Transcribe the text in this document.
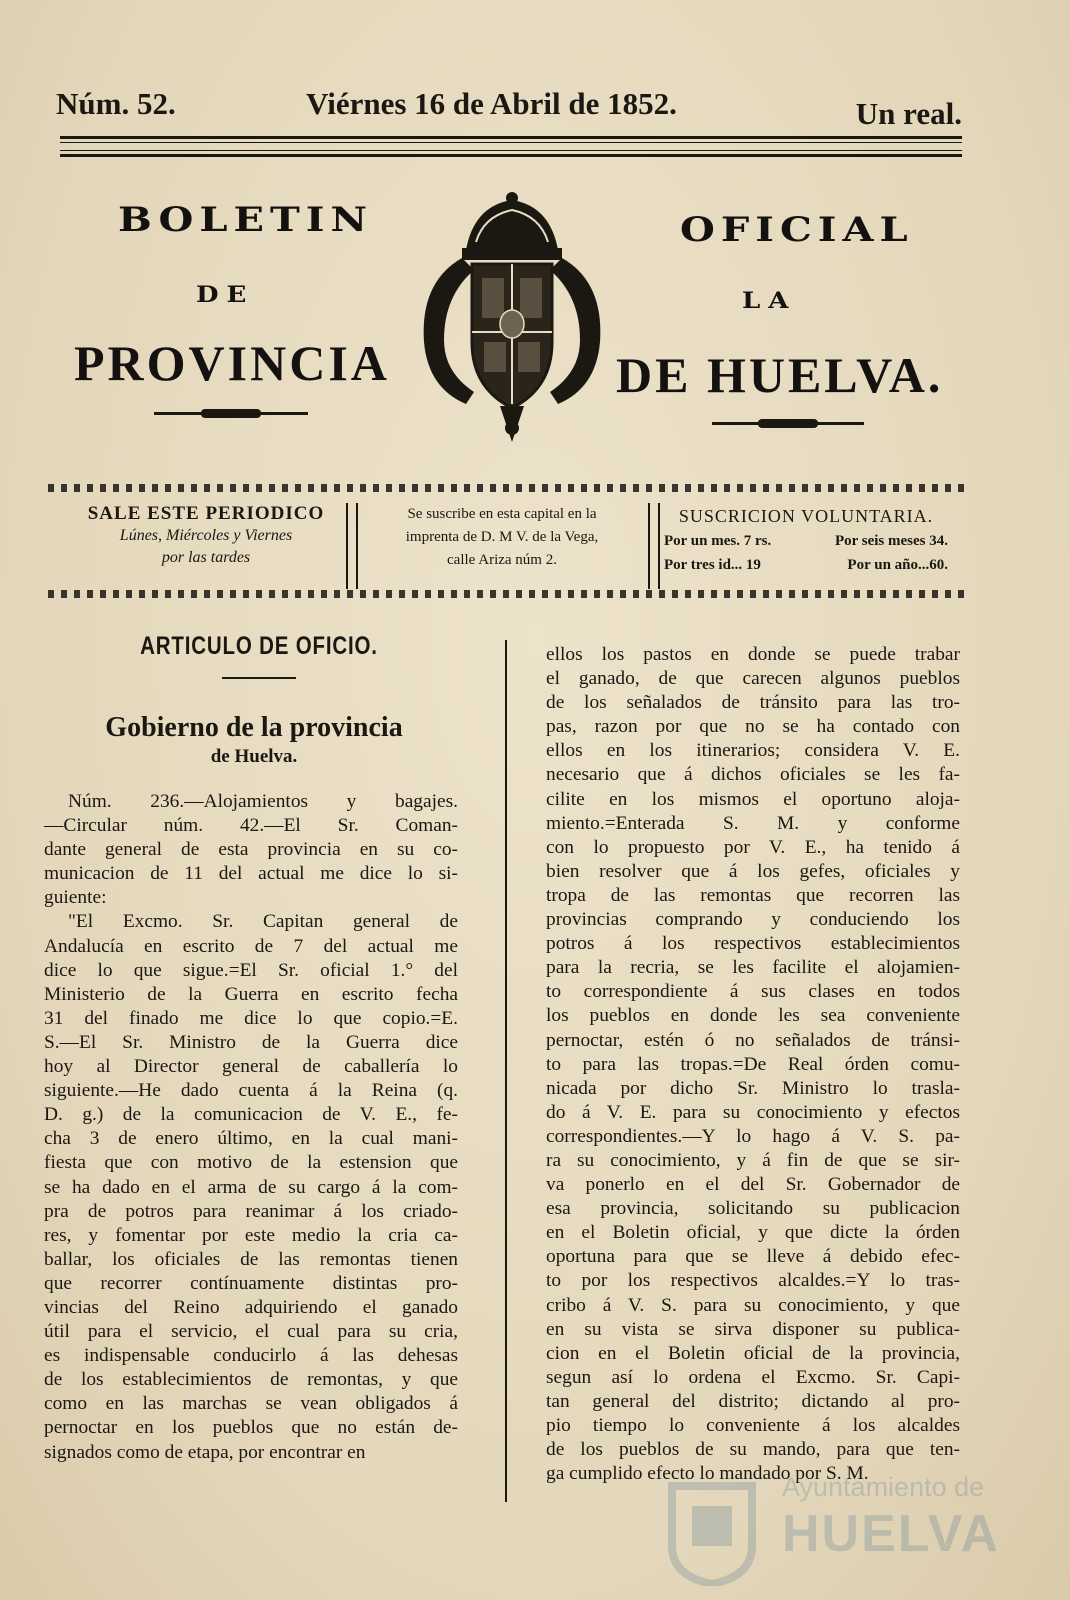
Núm. 52.	Viérnes 16 de Abril de 1852.	Un real.
BOLETIN	OFICIAL
DE	LA
PROVINCIA	DE HUELVA.
SALE ESTE PERIODICO
Lúnes, Miércoles y Viernes
por las tardes
Se suscribe en esta capital en la
imprenta de D. M V. de la Vega,
calle Ariza núm 2.
SUSCRICION VOLUNTARIA.
Por un mes. 7 rs.	Por seis meses 34.
Por tres id... 19	Por un año...60.
ARTICULO DE OFICIO.
Gobierno de la provincia
de Huelva.

Núm. 236.—Alojamientos y bagajes.

—Circular núm. 42.—El Sr. Coman-

dante general de esta provincia en su co-

municacion de 11 del actual me dice lo si-

guiente:

"El Excmo. Sr. Capitan general de

Andalucía en escrito de 7 del actual me

dice lo que sigue.=El Sr. oficial 1.° del

Ministerio de la Guerra en escrito fecha

31 del finado me dice lo que copio.=E.

S.—El Sr. Ministro de la Guerra dice

hoy al Director general de caballería lo

siguiente.—He dado cuenta á la Reina (q.

D. g.) de la comunicacion de V. E., fe-

cha 3 de enero último, en la cual mani-

fiesta que con motivo de la estension que

se ha dado en el arma de su cargo á la com-

pra de potros para reanimar á los criado-

res, y fomentar por este medio la cria ca-

ballar, los oficiales de las remontas tienen

que recorrer contínuamente distintas pro-

vincias del Reino adquiriendo el ganado

útil para el servicio, el cual para su cria,

es indispensable conducirlo á las dehesas

de los establecimientos de remontas, y que

como en las marchas se vean obligados á

pernoctar en los pueblos que no están de-

signados como de etapa, por encontrar en

ellos los pastos en donde se puede trabar

el ganado, de que carecen algunos pueblos

de los señalados de tránsito para las tro-

pas, razon por que no se ha contado con

ellos en los itinerarios; considera V. E.

necesario que á dichos oficiales se les fa-

cilite en los mismos el oportuno aloja-

miento.=Enterada S. M. y conforme

con lo propuesto por V. E., ha tenido á

bien resolver que á los gefes, oficiales y

tropa de las remontas que recorren las

provincias comprando y conduciendo los

potros á los respectivos establecimientos

para la recria, se les facilite el alojamien-

to correspondiente á sus clases en todos

los pueblos en donde les sea conveniente

pernoctar, estén ó no señalados de tránsi-

to para las tropas.=De Real órden comu-

nicada por dicho Sr. Ministro lo trasla-

do á V. E. para su conocimiento y efectos

correspondientes.—Y lo hago á V. S. pa-

ra su conocimiento, y á fin de que se sir-

va ponerlo en el del Sr. Gobernador de

esa provincia, solicitando su publicacion

en el Boletin oficial, y que dicte la órden

oportuna para que se lleve á debido efec-

to por los respectivos alcaldes.=Y lo tras-

cribo á V. S. para su conocimiento, y que

en su vista se sirva disponer su publica-

cion en el Boletin oficial de la provincia,

segun así lo ordena el Excmo. Sr. Capi-

tan general del distrito; dictando al pro-

pio tiempo lo conveniente á los alcaldes

de los pueblos de su mando, para que ten-

ga cumplido efecto lo mandado por S. M.

Ayuntamiento de
HUELVA
